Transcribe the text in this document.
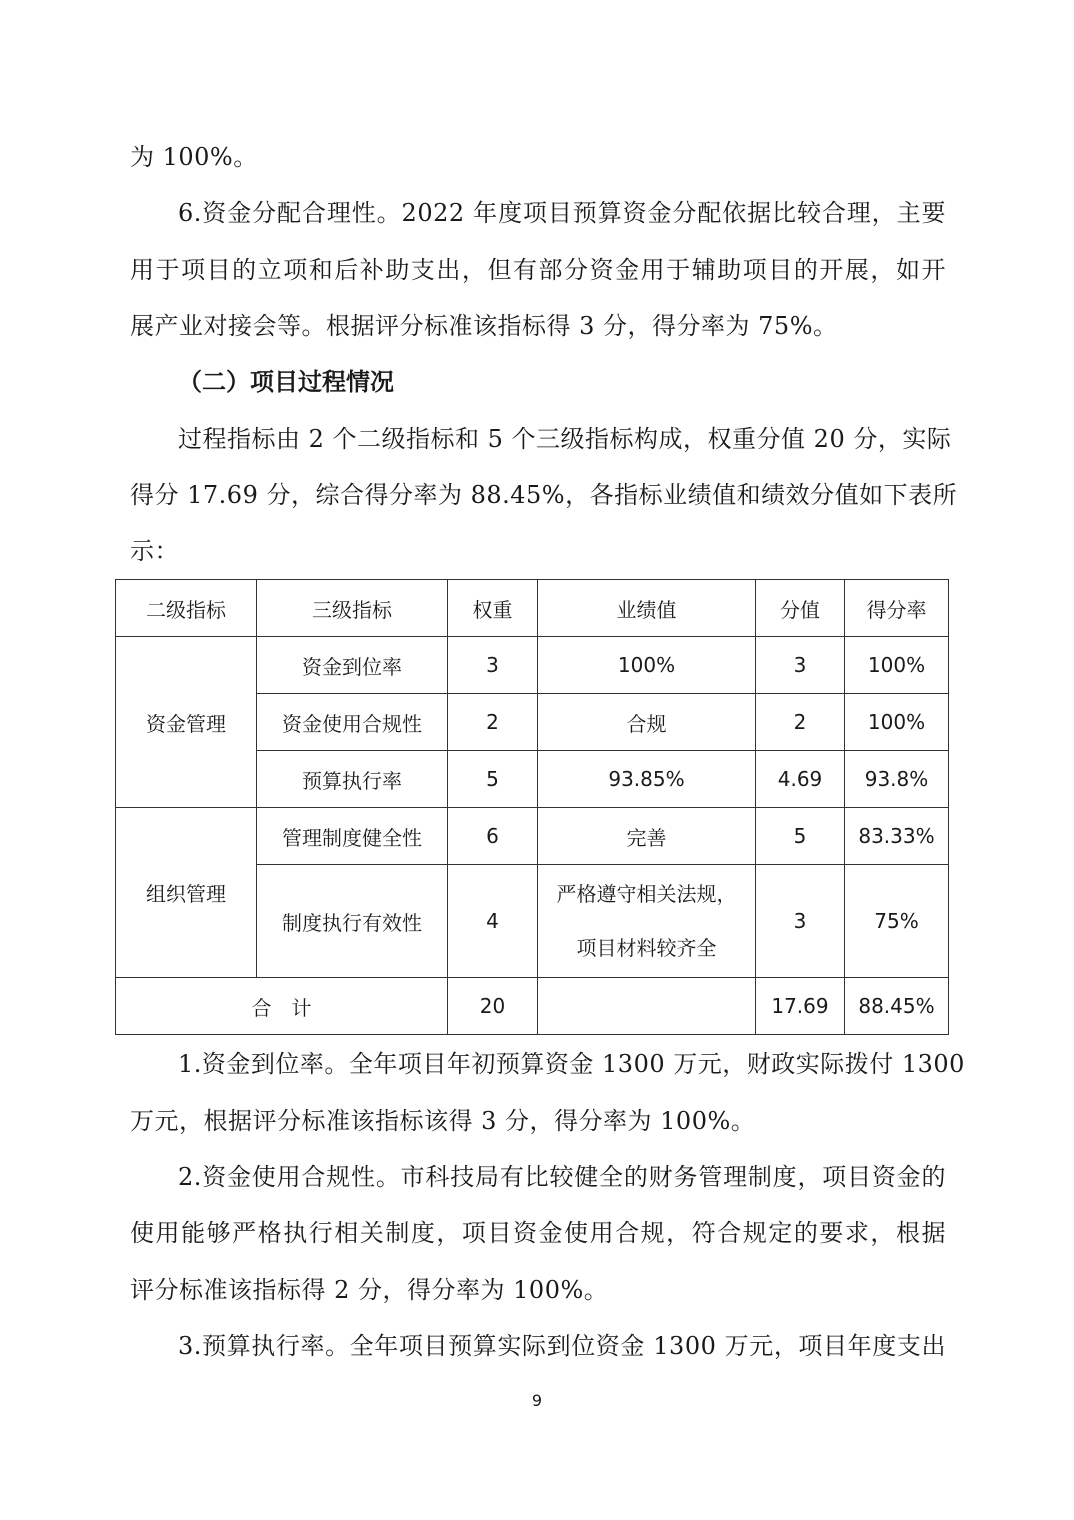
为 100%。
6.资金分配合理性。2022 年度项目预算资金分配依据比较合理，主要
用于项目的立项和后补助支出，但有部分资金用于辅助项目的开展，如开
展产业对接会等。根据评分标准该指标得 3 分，得分率为 75%。
（二）项目过程情况
过程指标由 2 个二级指标和 5 个三级指标构成，权重分值 20 分，实际
得分 17.69 分，综合得分率为 88.45%，各指标业绩值和绩效分值如下表所
示：
二级指标	三级指标	权重	业绩值	分值	得分率
资金管理	资金到位率	3	100%	3	100%
	资金使用合规性	2	合规	2	100%
	预算执行率	5	93.85%	4.69	93.8%
组织管理	管理制度健全性	6	完善	5	83.33%
	制度执行有效性	4	严格遵守相关法规，
项目材料较齐全	3	75%
合　计		20		17.69	88.45%
1.资金到位率。全年项目年初预算资金 1300 万元，财政实际拨付 1300
万元，根据评分标准该指标该得 3 分，得分率为 100%。
2.资金使用合规性。市科技局有比较健全的财务管理制度，项目资金的
使用能够严格执行相关制度，项目资金使用合规，符合规定的要求，根据
评分标准该指标得 2 分，得分率为 100%。
3.预算执行率。全年项目预算实际到位资金 1300 万元，项目年度支出
9
